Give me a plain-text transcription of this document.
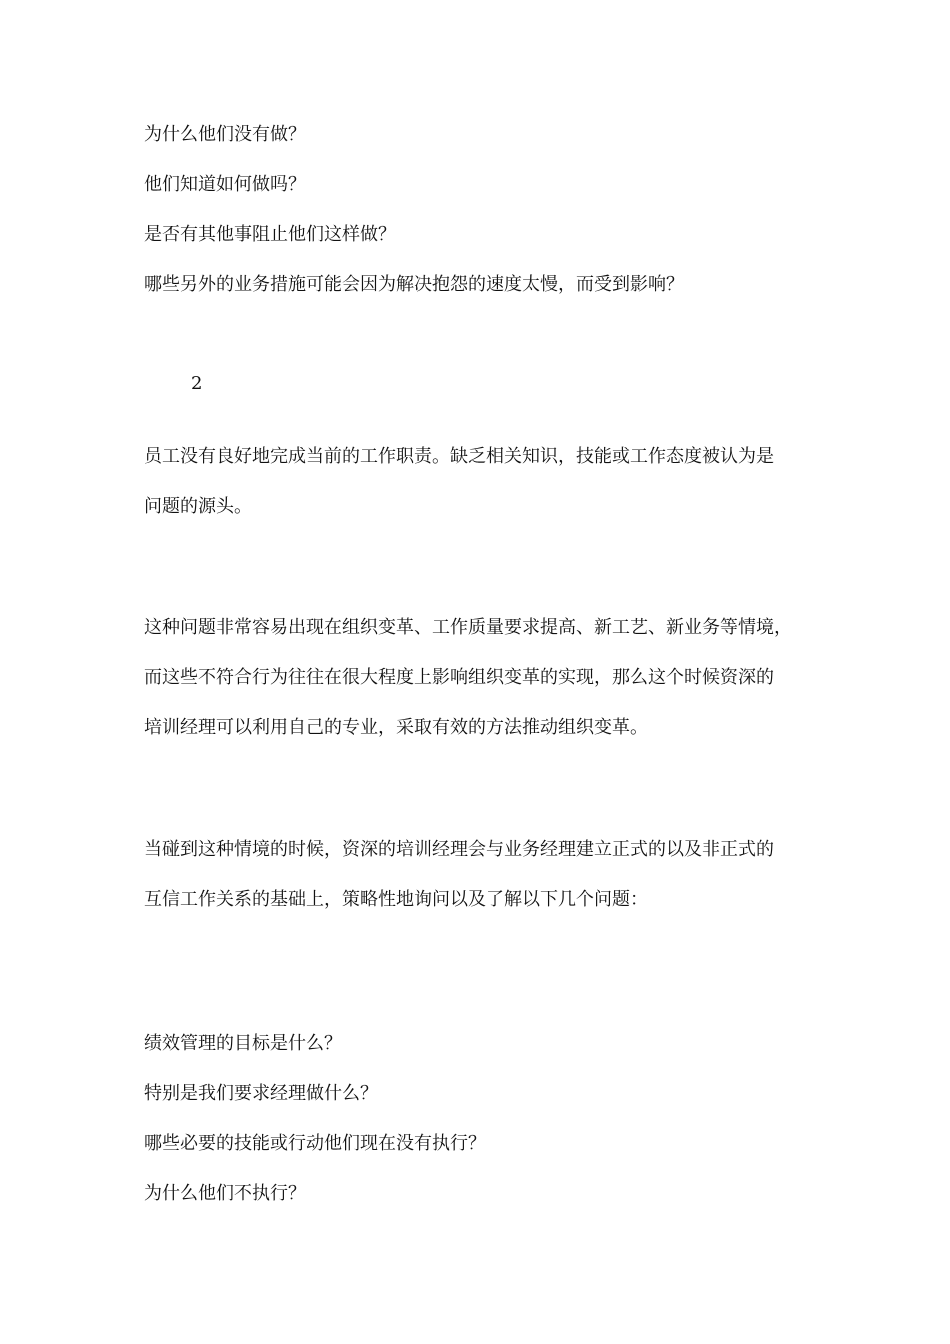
为什么他们没有做？
他们知道如何做吗？
是否有其他事阻止他们这样做？
哪些另外的业务措施可能会因为解决抱怨的速度太慢，而受到影响？
2
员工没有良好地完成当前的工作职责。缺乏相关知识，技能或工作态度被认为是
问题的源头。
这种问题非常容易出现在组织变革、工作质量要求提高、新工艺、新业务等情境，
而这些不符合行为往往在很大程度上影响组织变革的实现，那么这个时候资深的
培训经理可以利用自己的专业，采取有效的方法推动组织变革。
当碰到这种情境的时候，资深的培训经理会与业务经理建立正式的以及非正式的
互信工作关系的基础上，策略性地询问以及了解以下几个问题：
绩效管理的目标是什么？
特别是我们要求经理做什么？
哪些必要的技能或行动他们现在没有执行？
为什么他们不执行？
